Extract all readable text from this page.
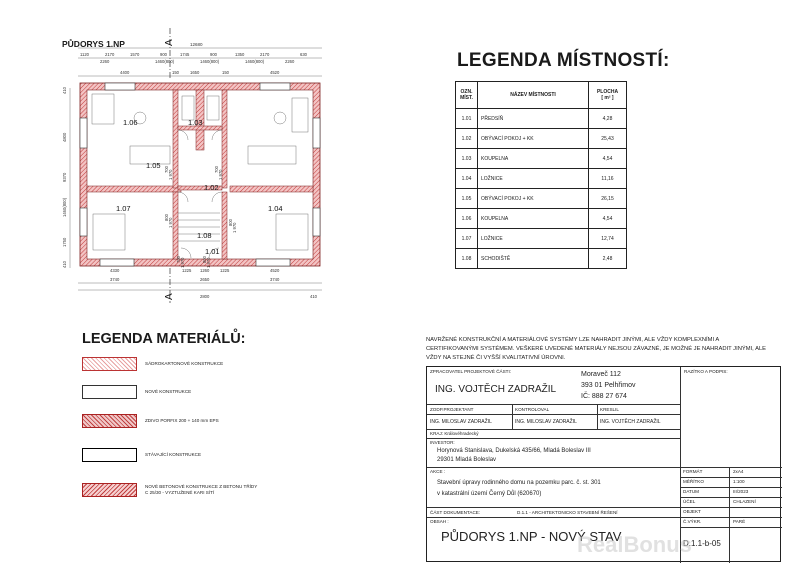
12680
A
A
1.06	1.03
1.05
1.02
1.07	1.04
1.08
1.01
1120	2170	1570	900	1745	900	1350	2170	630
2260	1460(800)	1460(800)	1460(800)	2260
4400	150	1650	150	4520
4330	1225 1260	1225	4520
3740	2650	3740
2800	410
410
4800
9370
1460(800)
1750
410
700
1 970
700
1 970
800
1 970	800
1 970
700 1 970	800 1 970
PŮDORYS 1.NP
LEGENDA MÍSTNOSTÍ:
OZN. MÍST.	NÁZEV MÍSTNOSTI	PLOCHA
[ m² ]
1.01	PŘEDSÍŇ	4,28
1.02	OBÝVACÍ POKOJ + KK	25,43
1.03	KOUPELNA	4,54
1.04	LOŽNICE	11,16
1.05	OBÝVACÍ POKOJ + KK	26,15
1.06	KOUPELNA	4,54
1.07	LOŽNICE	12,74
1.08	SCHODIŠTĚ	2,48
LEGENDA MATERIÁLŮ:
SÁDROKARTONOVÉ KONSTRUKCE
NOVÉ KONSTRUKCE
ZDIVO PORFIX 200 + 140 mm EPS
STÁVAJÍCÍ KONSTRUKCE
NOVÉ BETONOVÉ KONSTRUKCE Z BETONU TŘÍDY
C 25/30 - VYZTUŽENÉ KARI SÍTÍ
NAVRŽENÉ KONSTRUKČNÍ A MATERIÁLOVÉ SYSTÉMY LZE NAHRADIT JINÝMI, ALE VŽDY KOMPLEXNÍMI A CERTIFIKOVANÝMI SYSTÉMEM. VEŠKERÉ UVEDENÉ MATERIÁLY NEJSOU ZÁVAZNÉ, JE MOŽNÉ JE NAHRADIT JINÝMI, ALE VŽDY NA STEJNÉ ČI VYŠŠÍ KVALITATIVNÍ ÚROVNI.
ZPRACOVATEL PROJEKTOVÉ ČÁSTI:
ING. VOJTĚCH ZADRAŽIL
Moraveč 112
393 01 Pelhřimov
IČ: 888 27 674
RAZÍTKO A PODPIS:
ZODP.PROJEKTANT	KONTROLOVAL	KRESLIL
ING. MILOSLAV ZADRAŽIL	ING. MILOSLAV ZADRAŽIL	ING. VOJTĚCH ZADRAŽIL
KRAJ: Královéhradecký
INVESTOR:
Horynová Stanislava, Dukelská 435/66, Mladá Boleslav III
29301 Mladá Boleslav
AKCE :
Stavební úpravy rodinného domu na pozemku parc. č. st. 301
v katastrální území Černý Důl (620670)
ČÁST DOKUMENTACE:	D.1.1 - ARCHITEKTONICKO STAVEBNÍ ŘEŠENÍ
OBSAH :
PŮDORYS 1.NP - NOVÝ STAV
FORMÁT	2xA4
MĚŘÍTKO	1:100
DATUM	III/2023
ÚČEL	CHLAZENÍ
OBJEKT
Č.VÝKR.	PARÉ
D.1.1-b-05
RealBonus
